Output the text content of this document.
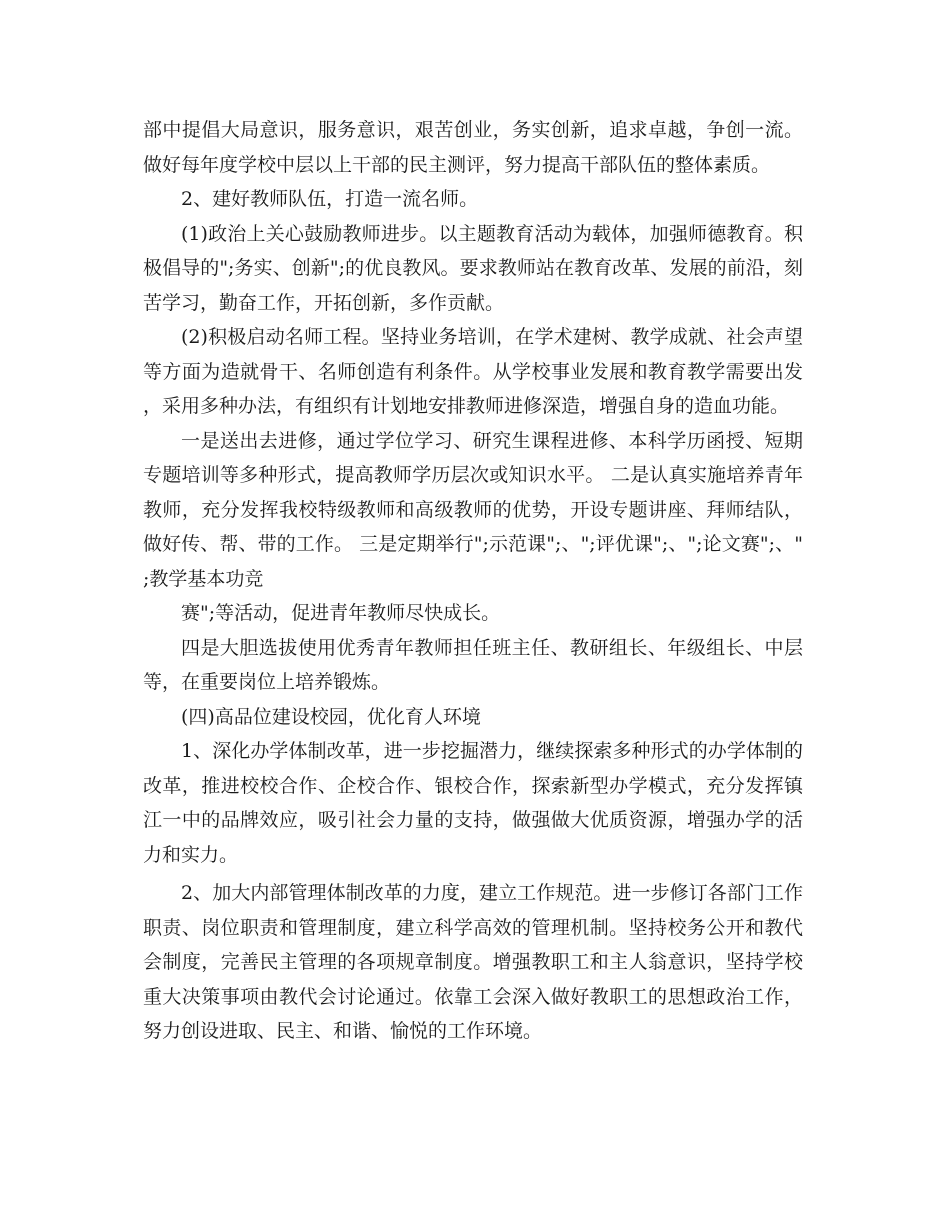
部中提倡大局意识，服务意识，艰苦创业，务实创新，追求卓越，争创一流。做好每年度学校中层以上干部的民主测评，努力提高干部队伍的整体素质。

2、建好教师队伍，打造一流名师。

(1)政治上关心鼓励教师进步。以主题教育活动为载体，加强师德教育。积极倡导的";务实、创新";的优良教风。要求教师站在教育改革、发展的前沿，刻苦学习，勤奋工作，开拓创新，多作贡献。

(2)积极启动名师工程。坚持业务培训，在学术建树、教学成就、社会声望等方面为造就骨干、名师创造有利条件。从学校事业发展和教育教学需要出发，采用多种办法，有组织有计划地安排教师进修深造，增强自身的造血功能。

一是送出去进修，通过学位学习、研究生课程进修、本科学历函授、短期专题培训等多种形式，提高教师学历层次或知识水平。 二是认真实施培养青年教师，充分发挥我校特级教师和高级教师的优势，开设专题讲座、拜师结队，做好传、帮、带的工作。 三是定期举行";示范课";、";评优课";、";论文赛";、";教学基本功竞

赛";等活动，促进青年教师尽快成长。

四是大胆选拔使用优秀青年教师担任班主任、教研组长、年级组长、中层等，在重要岗位上培养锻炼。

(四)高品位建设校园，优化育人环境

1、深化办学体制改革，进一步挖掘潜力，继续探索多种形式的办学体制的改革，推进校校合作、企校合作、银校合作，探索新型办学模式，充分发挥镇江一中的品牌效应，吸引社会力量的支持，做强做大优质资源，增强办学的活力和实力。

2、加大内部管理体制改革的力度，建立工作规范。进一步修订各部门工作职责、岗位职责和管理制度，建立科学高效的管理机制。坚持校务公开和教代会制度，完善民主管理的各项规章制度。增强教职工和主人翁意识，坚持学校重大决策事项由教代会讨论通过。依靠工会深入做好教职工的思想政治工作，努力创设进取、民主、和谐、愉悦的工作环境。
